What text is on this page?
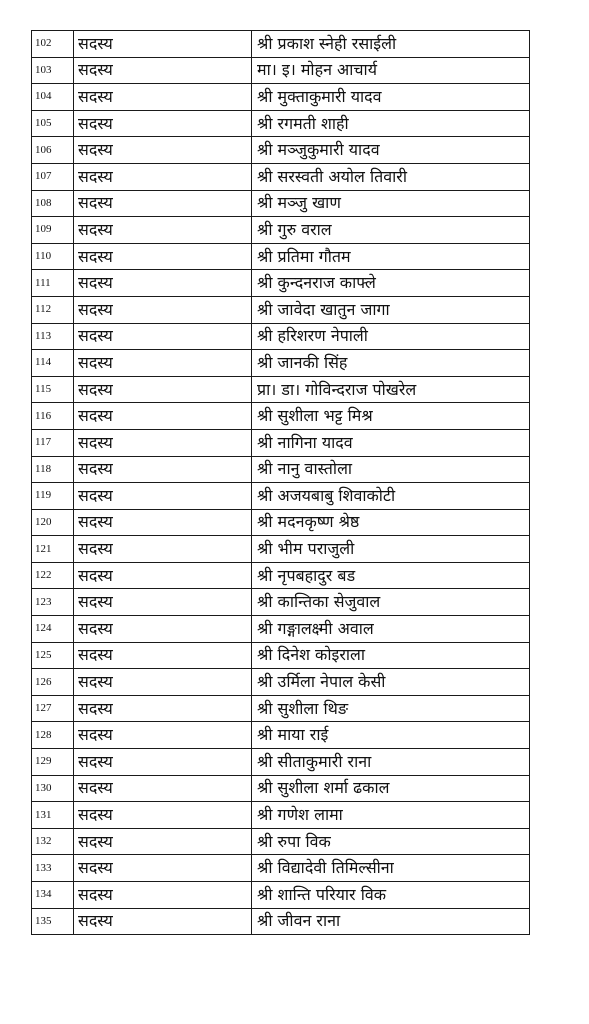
102	सदस्य	श्री प्रकाश स्नेही रसाईली
103	सदस्य	मा। इ। मोहन आचार्य
104	सदस्य	श्री मुक्ताकुमारी यादव
105	सदस्य	श्री रगमती शाही
106	सदस्य	श्री मञ्जुकुमारी यादव
107	सदस्य	श्री सरस्वती अयोल तिवारी
108	सदस्य	श्री मञ्जु खाण
109	सदस्य	श्री गुरु वराल
110	सदस्य	श्री प्रतिमा गौतम
111	सदस्य	श्री कुन्दनराज काफ्ले
112	सदस्य	श्री जावेदा खातुन जागा
113	सदस्य	श्री हरिशरण नेपाली
114	सदस्य	श्री जानकी सिंह
115	सदस्य	प्रा। डा। गोविन्दराज पोखरेल
116	सदस्य	श्री सुशीला भट्ट मिश्र
117	सदस्य	श्री नागिना यादव
118	सदस्य	श्री नानु वास्तोला
119	सदस्य	श्री अजयबाबु शिवाकोटी
120	सदस्य	श्री मदनकृष्ण श्रेष्ठ
121	सदस्य	श्री भीम पराजुली
122	सदस्य	श्री नृपबहादुर बड
123	सदस्य	श्री कान्तिका सेजुवाल
124	सदस्य	श्री गङ्गालक्ष्मी अवाल
125	सदस्य	श्री दिनेश कोइराला
126	सदस्य	श्री उर्मिला नेपाल केसी
127	सदस्य	श्री सुशीला थिङ
128	सदस्य	श्री माया राई
129	सदस्य	श्री सीताकुमारी राना
130	सदस्य	श्री सुशीला शर्मा ढकाल
131	सदस्य	श्री गणेश लामा
132	सदस्य	श्री रुपा विक
133	सदस्य	श्री विद्यादेवी तिमिल्सीना
134	सदस्य	श्री शान्ति परियार विक
135	सदस्य	श्री जीवन राना
